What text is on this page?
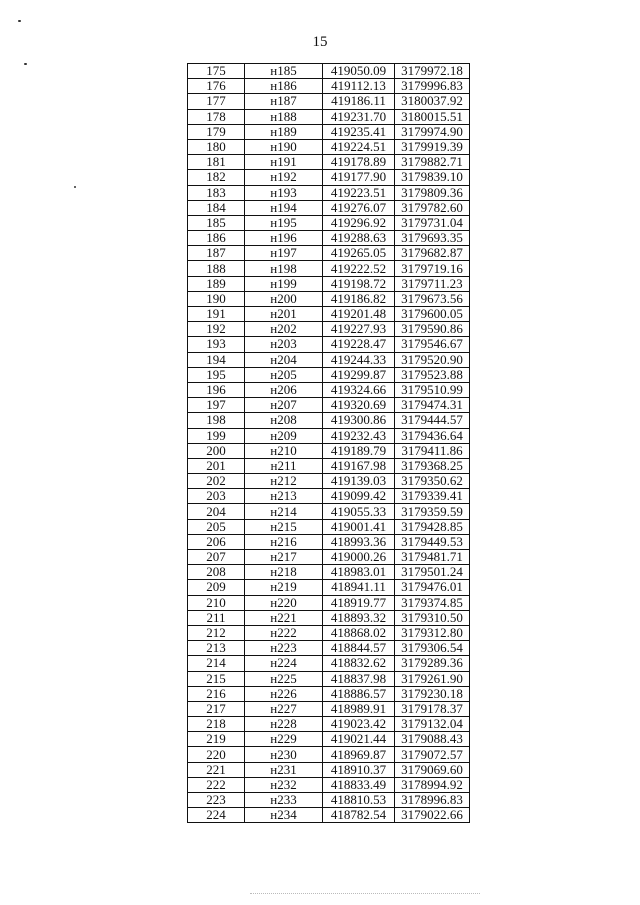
15
175	н185	419050.09	3179972.18
176	н186	419112.13	3179996.83
177	н187	419186.11	3180037.92
178	н188	419231.70	3180015.51
179	н189	419235.41	3179974.90
180	н190	419224.51	3179919.39
181	н191	419178.89	3179882.71
182	н192	419177.90	3179839.10
183	н193	419223.51	3179809.36
184	н194	419276.07	3179782.60
185	н195	419296.92	3179731.04
186	н196	419288.63	3179693.35
187	н197	419265.05	3179682.87
188	н198	419222.52	3179719.16
189	н199	419198.72	3179711.23
190	н200	419186.82	3179673.56
191	н201	419201.48	3179600.05
192	н202	419227.93	3179590.86
193	н203	419228.47	3179546.67
194	н204	419244.33	3179520.90
195	н205	419299.87	3179523.88
196	н206	419324.66	3179510.99
197	н207	419320.69	3179474.31
198	н208	419300.86	3179444.57
199	н209	419232.43	3179436.64
200	н210	419189.79	3179411.86
201	н211	419167.98	3179368.25
202	н212	419139.03	3179350.62
203	н213	419099.42	3179339.41
204	н214	419055.33	3179359.59
205	н215	419001.41	3179428.85
206	н216	418993.36	3179449.53
207	н217	419000.26	3179481.71
208	н218	418983.01	3179501.24
209	н219	418941.11	3179476.01
210	н220	418919.77	3179374.85
211	н221	418893.32	3179310.50
212	н222	418868.02	3179312.80
213	н223	418844.57	3179306.54
214	н224	418832.62	3179289.36
215	н225	418837.98	3179261.90
216	н226	418886.57	3179230.18
217	н227	418989.91	3179178.37
218	н228	419023.42	3179132.04
219	н229	419021.44	3179088.43
220	н230	418969.87	3179072.57
221	н231	418910.37	3179069.60
222	н232	418833.49	3178994.92
223	н233	418810.53	3178996.83
224	н234	418782.54	3179022.66
